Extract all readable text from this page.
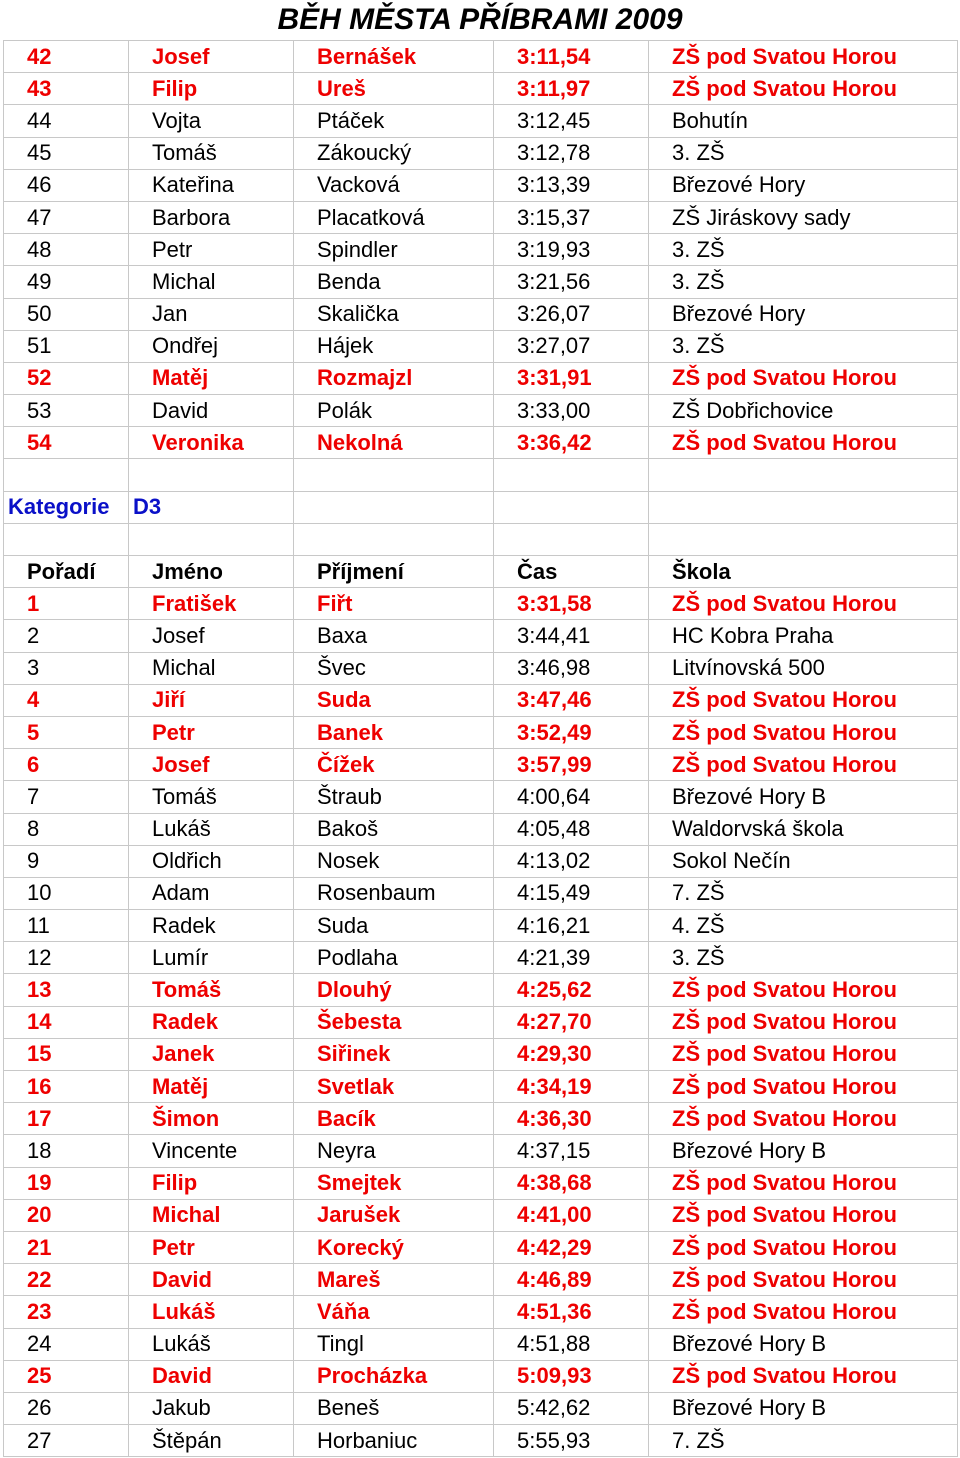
BĚH MĚSTA PŘÍBRAMI 2009
42	Josef	Bernášek	3:11,54	ZŠ pod Svatou Horou
43	Filip	Ureš	3:11,97	ZŠ pod Svatou Horou
44	Vojta	Ptáček	3:12,45	Bohutín
45	Tomáš	Zákoucký	3:12,78	3. ZŠ
46	Kateřina	Vacková	3:13,39	Březové Hory
47	Barbora	Placatková	3:15,37	ZŠ Jiráskovy sady
48	Petr	Spindler	3:19,93	3. ZŠ
49	Michal	Benda	3:21,56	3. ZŠ
50	Jan	Skalička	3:26,07	Březové Hory
51	Ondřej	Hájek	3:27,07	3. ZŠ
52	Matěj	Rozmajzl	3:31,91	ZŠ pod Svatou Horou
53	David	Polák	3:33,00	ZŠ Dobřichovice
54	Veronika	Nekolná	3:36,42	ZŠ pod Svatou Horou

Kategorie	D3			

Pořadí	Jméno	Příjmení	Čas	Škola
1	Fratišek	Fiřt	3:31,58	ZŠ pod Svatou Horou
2	Josef	Baxa	3:44,41	HC Kobra Praha
3	Michal	Švec	3:46,98	Litvínovská 500
4	Jiří	Suda	3:47,46	ZŠ pod Svatou Horou
5	Petr	Banek	3:52,49	ZŠ pod Svatou Horou
6	Josef	Čížek	3:57,99	ZŠ pod Svatou Horou
7	Tomáš	Štraub	4:00,64	Březové Hory B
8	Lukáš	Bakoš	4:05,48	Waldorvská škola
9	Oldřich	Nosek	4:13,02	Sokol Nečín
10	Adam	Rosenbaum	4:15,49	7. ZŠ
11	Radek	Suda	4:16,21	4. ZŠ
12	Lumír	Podlaha	4:21,39	3. ZŠ
13	Tomáš	Dlouhý	4:25,62	ZŠ pod Svatou Horou
14	Radek	Šebesta	4:27,70	ZŠ pod Svatou Horou
15	Janek	Siřinek	4:29,30	ZŠ pod Svatou Horou
16	Matěj	Svetlak	4:34,19	ZŠ pod Svatou Horou
17	Šimon	Bacík	4:36,30	ZŠ pod Svatou Horou
18	Vincente	Neyra	4:37,15	Březové Hory B
19	Filip	Smejtek	4:38,68	ZŠ pod Svatou Horou
20	Michal	Jarušek	4:41,00	ZŠ pod Svatou Horou
21	Petr	Korecký	4:42,29	ZŠ pod Svatou Horou
22	David	Mareš	4:46,89	ZŠ pod Svatou Horou
23	Lukáš	Váňa	4:51,36	ZŠ pod Svatou Horou
24	Lukáš	Tingl	4:51,88	Březové Hory B
25	David	Procházka	5:09,93	ZŠ pod Svatou Horou
26	Jakub	Beneš	5:42,62	Březové Hory B
27	Štěpán	Horbaniuc	5:55,93	7. ZŠ
